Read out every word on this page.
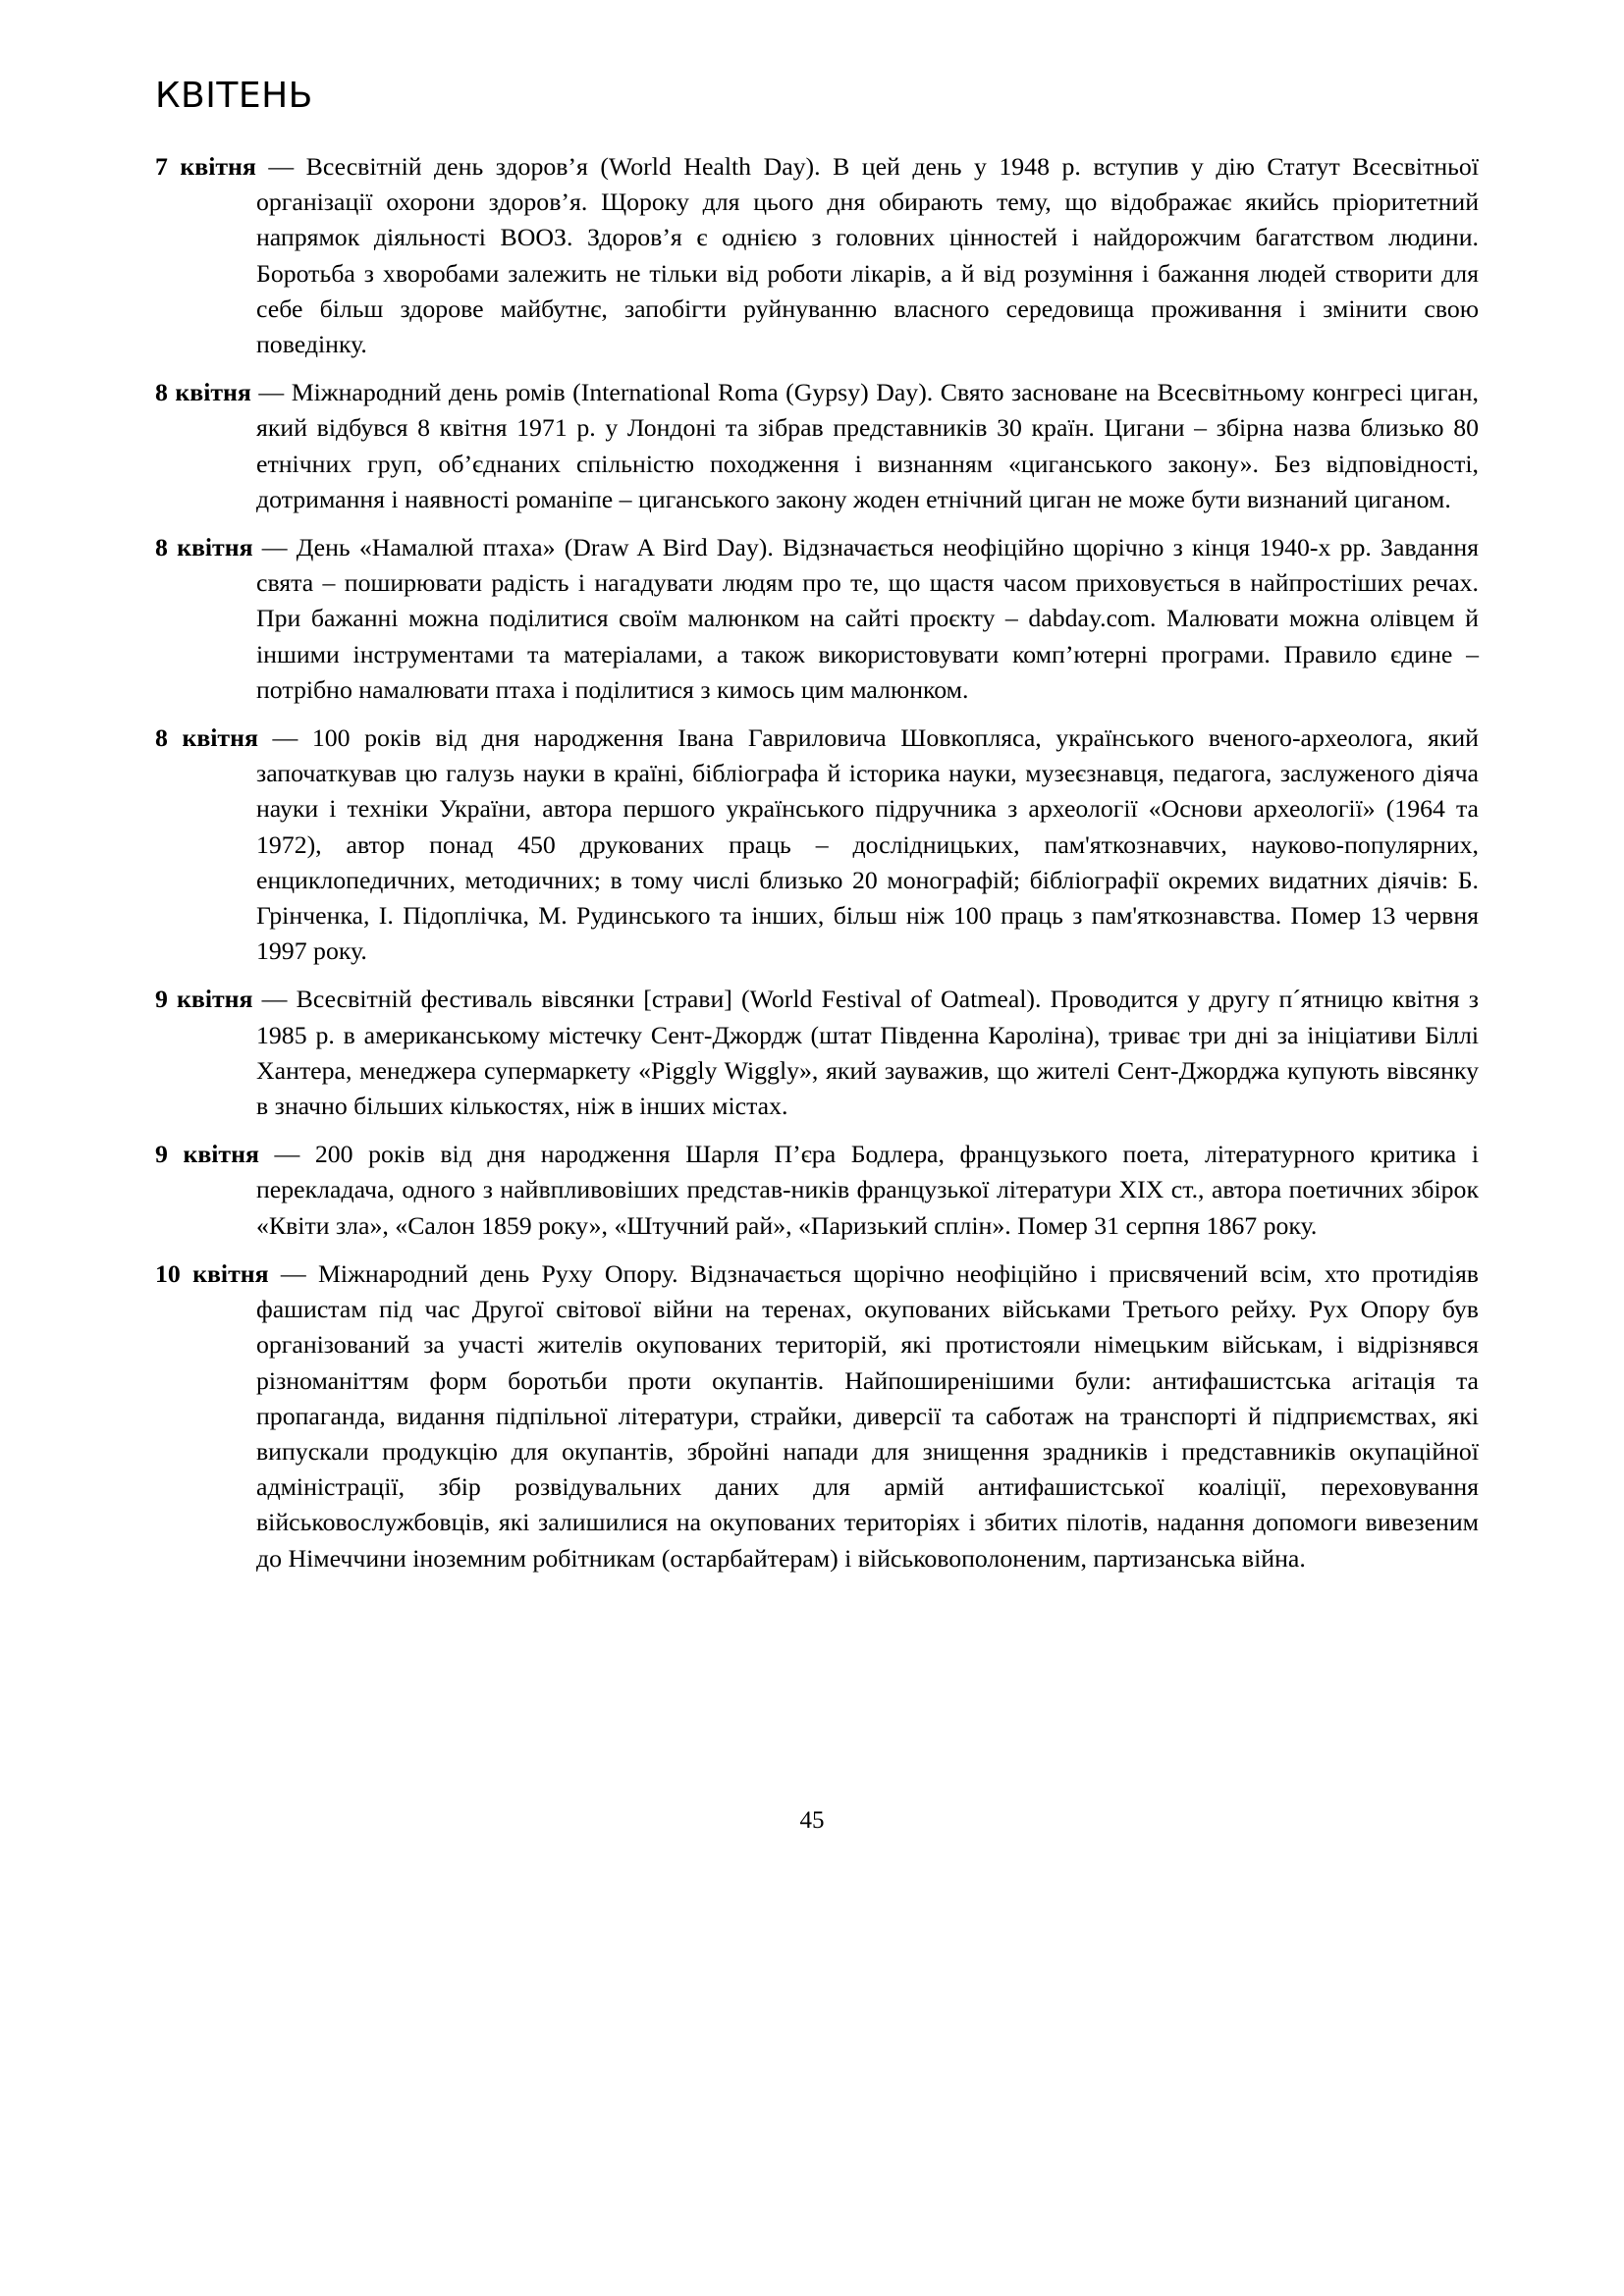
КВІТЕНЬ

7 квітня — Всесвітній день здоров’я (World Health Day). В цей день у 1948 р. вступив у дію Статут Всесвітньої організації охорони здоров’я. Щороку для цього дня обирають тему, що відображає якийсь пріоритетний напрямок діяльності ВООЗ. Здоров’я є однією з головних цінностей і найдорожчим багатством людини. Боротьба з хворобами залежить не тільки від роботи лікарів, а й від розуміння і бажання людей створити для себе більш здорове майбутнє, запобігти руйнуванню власного середовища проживання і змінити свою поведінку.

8 квітня — Міжнародний день ромів (International Roma (Gypsy) Day). Свято засноване на Всесвітньому конгресі циган, який відбувся 8 квітня 1971 р. у Лондоні та зібрав представників 30 країн. Цигани – збірна назва близько 80 етнічних груп, об’єднаних спільністю походження і визнанням «циганського закону». Без відповідності, дотримання і наявності романіпе – циганського закону жоден етнічний циган не може бути визнаний циганом.

8 квітня — День «Намалюй птаха» (Draw A Bird Day). Відзначається неофіційно щорічно з кінця 1940-х рр. Завдання свята – поширювати радість і нагадувати людям про те, що щастя часом приховується в найпростіших речах. При бажанні можна поділитися своїм малюнком на сайті проєкту – dabday.com. Малювати можна олівцем й іншими інструментами та матеріалами, а також використовувати комп’ютерні програми. Правило єдине – потрібно намалювати птаха і поділитися з кимось цим малюнком.

8 квітня — 100 років від дня народження Івана Гавриловича Шовкопляса, українського вченого-археолога, який започаткував цю галузь науки в країні, бібліографа й історика науки, музеєзнавця, педагога, заслуженого діяча науки і техніки України, автора першого українського підручника з археології «Основи археології» (1964 та 1972), автор понад 450 друкованих праць – дослідницьких, пам'яткознавчих, науково-популярних, енциклопедичних, методичних; в тому числі близько 20 монографій; бібліографії окремих видатних діячів: Б. Грінченка, І. Підоплічка, М. Рудинського та інших, більш ніж 100 праць з пам'яткознавства. Помер 13 червня 1997 року.

9 квітня — Всесвітній фестиваль вівсянки [страви] (World Festival of Oatmeal). Проводится у другу п´ятницю квітня з 1985 р. в американському містечку Сент-Джордж (штат Південна Кароліна), триває три дні за ініціативи Біллі Хантера, менеджера супермаркету «Piggly Wiggly», який зауважив, що жителі Сент-Джорджа купують вівсянку в значно більших кількостях, ніж в інших містах.

9 квітня — 200 років від дня народження Шарля П’єра Бодлера, французького поета, літературного критика і перекладача, одного з найвпливовіших представ-ників французької літератури XIX ст., автора поетичних збірок «Квіти зла», «Салон 1859 року», «Штучний рай», «Паризький сплін». Помер 31 серпня 1867 року.

10 квітня — Міжнародний день Руху Опору. Відзначається щорічно неофіційно і присвячений всім, хто протидіяв фашистам під час Другої світової війни на теренах, окупованих військами Третього рейху. Рух Опору був організований за участі жителів окупованих територій, які протистояли німецьким військам, і відрізнявся різноманіттям форм боротьби проти окупантів. Найпоширенішими були: антифашистська агітація та пропаганда, видання підпільної літератури, страйки, диверсії та саботаж на транспорті й підприємствах, які випускали продукцію для окупантів, збройні напади для знищення зрадників і представників окупаційної адміністрації, збір розвідувальних даних для армій антифашистської коаліції, переховування військовослужбовців, які залишилися на окупованих територіях і збитих пілотів, надання допомоги вивезеним до Німеччини іноземним робітникам (остарбайтерам) і військовополоненим, партизанська війна.

45
